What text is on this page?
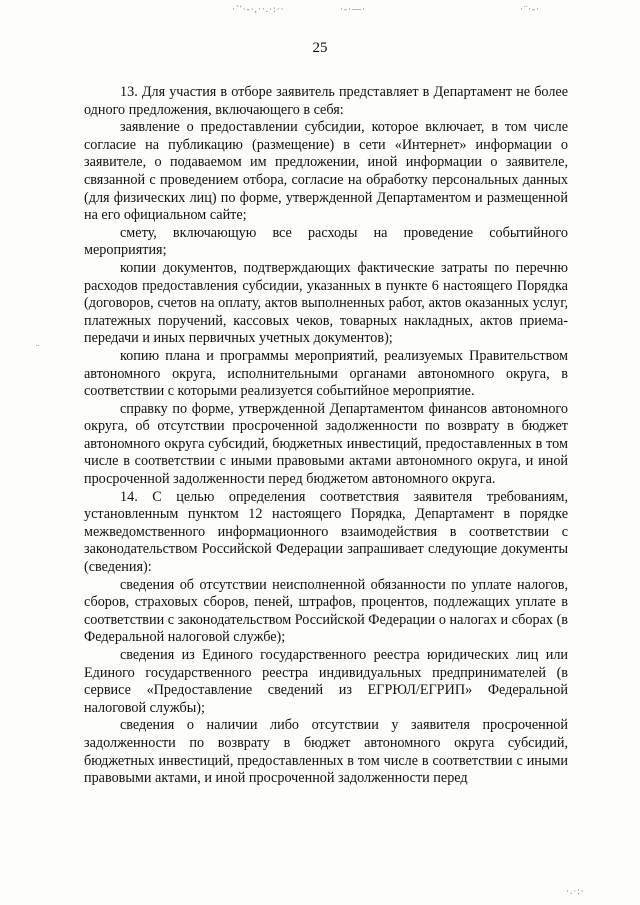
·`'·-·,··.·:··	·-·—·	·¨·-·
¨
·.·:·
25

13. Для участия в отборе заявитель представляет в Департамент не более одного предложения, включающего в себя:

заявление о предоставлении субсидии, которое включает, в том числе согласие на публикацию (размещение) в сети «Интернет» информации о заявителе, о подаваемом им предложении, иной информации о заявителе, связанной с проведением отбора, согласие на обработку персональных данных (для физических лиц) по форме, утвержденной Департаментом и размещенной на его официальном сайте;

смету, включающую все расходы на проведение событийного мероприятия;

копии документов, подтверждающих фактические затраты по перечню расходов предоставления субсидии, указанных в пункте 6 настоящего Порядка (договоров, счетов на оплату, актов выполненных работ, актов оказанных услуг, платежных поручений, кассовых чеков, товарных накладных, актов приема-передачи и иных первичных учетных документов);

копию плана и программы мероприятий, реализуемых Правительством автономного округа, исполнительными органами автономного округа, в соответствии с которыми реализуется событийное мероприятие.

справку по форме, утвержденной Департаментом финансов автономного округа, об отсутствии просроченной задолженности по возврату в бюджет автономного округа субсидий, бюджетных инвестиций, предоставленных в том числе в соответствии с иными правовыми актами автономного округа, и иной просроченной задолженности перед бюджетом автономного округа.

14. С целью определения соответствия заявителя требованиям, установленным пунктом 12 настоящего Порядка, Департамент в порядке межведомственного информационного взаимодействия в соответствии с законодательством Российской Федерации запрашивает следующие документы (сведения):

сведения об отсутствии неисполненной обязанности по уплате налогов, сборов, страховых сборов, пеней, штрафов, процентов, подлежащих уплате в соответствии с законодательством Российской Федерации о налогах и сборах (в Федеральной налоговой службе);

сведения из Единого государственного реестра юридических лиц или Единого государственного реестра индивидуальных предпринимателей (в сервисе «Предоставление сведений из ЕГРЮЛ/ЕГРИП» Федеральной налоговой службы);

сведения о наличии либо отсутствии у заявителя просроченной задолженности по возврату в бюджет автономного округа субсидий, бюджетных инвестиций, предоставленных в том числе в соответствии с иными правовыми актами, и иной просроченной задолженности перед
